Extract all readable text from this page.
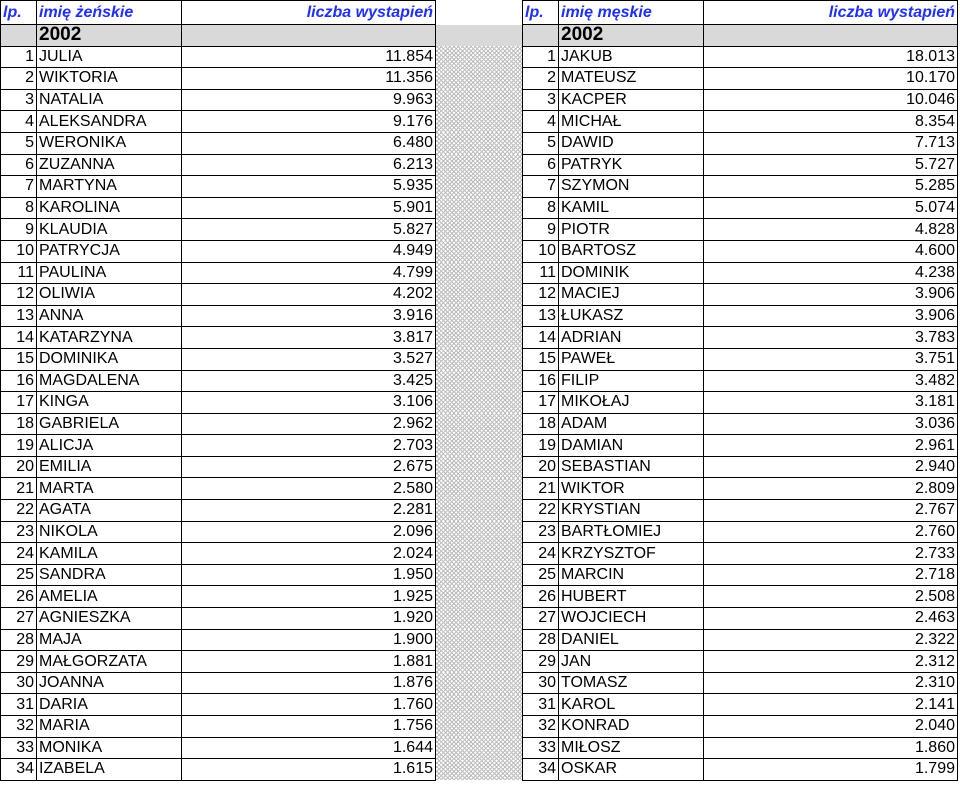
lp.	imię żeńskie	liczba wystapień		lp.	imię męskie	liczba wystapień
	2002				2002	
1	JULIA	11.854		1	JAKUB	18.013
2	WIKTORIA	11.356		2	MATEUSZ	10.170
3	NATALIA	9.963		3	KACPER	10.046
4	ALEKSANDRA	9.176		4	MICHAŁ	8.354
5	WERONIKA	6.480		5	DAWID	7.713
6	ZUZANNA	6.213		6	PATRYK	5.727
7	MARTYNA	5.935		7	SZYMON	5.285
8	KAROLINA	5.901		8	KAMIL	5.074
9	KLAUDIA	5.827		9	PIOTR	4.828
10	PATRYCJA	4.949		10	BARTOSZ	4.600
11	PAULINA	4.799		11	DOMINIK	4.238
12	OLIWIA	4.202		12	MACIEJ	3.906
13	ANNA	3.916		13	ŁUKASZ	3.906
14	KATARZYNA	3.817		14	ADRIAN	3.783
15	DOMINIKA	3.527		15	PAWEŁ	3.751
16	MAGDALENA	3.425		16	FILIP	3.482
17	KINGA	3.106		17	MIKOŁAJ	3.181
18	GABRIELA	2.962		18	ADAM	3.036
19	ALICJA	2.703		19	DAMIAN	2.961
20	EMILIA	2.675		20	SEBASTIAN	2.940
21	MARTA	2.580		21	WIKTOR	2.809
22	AGATA	2.281		22	KRYSTIAN	2.767
23	NIKOLA	2.096		23	BARTŁOMIEJ	2.760
24	KAMILA	2.024		24	KRZYSZTOF	2.733
25	SANDRA	1.950		25	MARCIN	2.718
26	AMELIA	1.925		26	HUBERT	2.508
27	AGNIESZKA	1.920		27	WOJCIECH	2.463
28	MAJA	1.900		28	DANIEL	2.322
29	MAŁGORZATA	1.881		29	JAN	2.312
30	JOANNA	1.876		30	TOMASZ	2.310
31	DARIA	1.760		31	KAROL	2.141
32	MARIA	1.756		32	KONRAD	2.040
33	MONIKA	1.644		33	MIŁOSZ	1.860
34	IZABELA	1.615		34	OSKAR	1.799
